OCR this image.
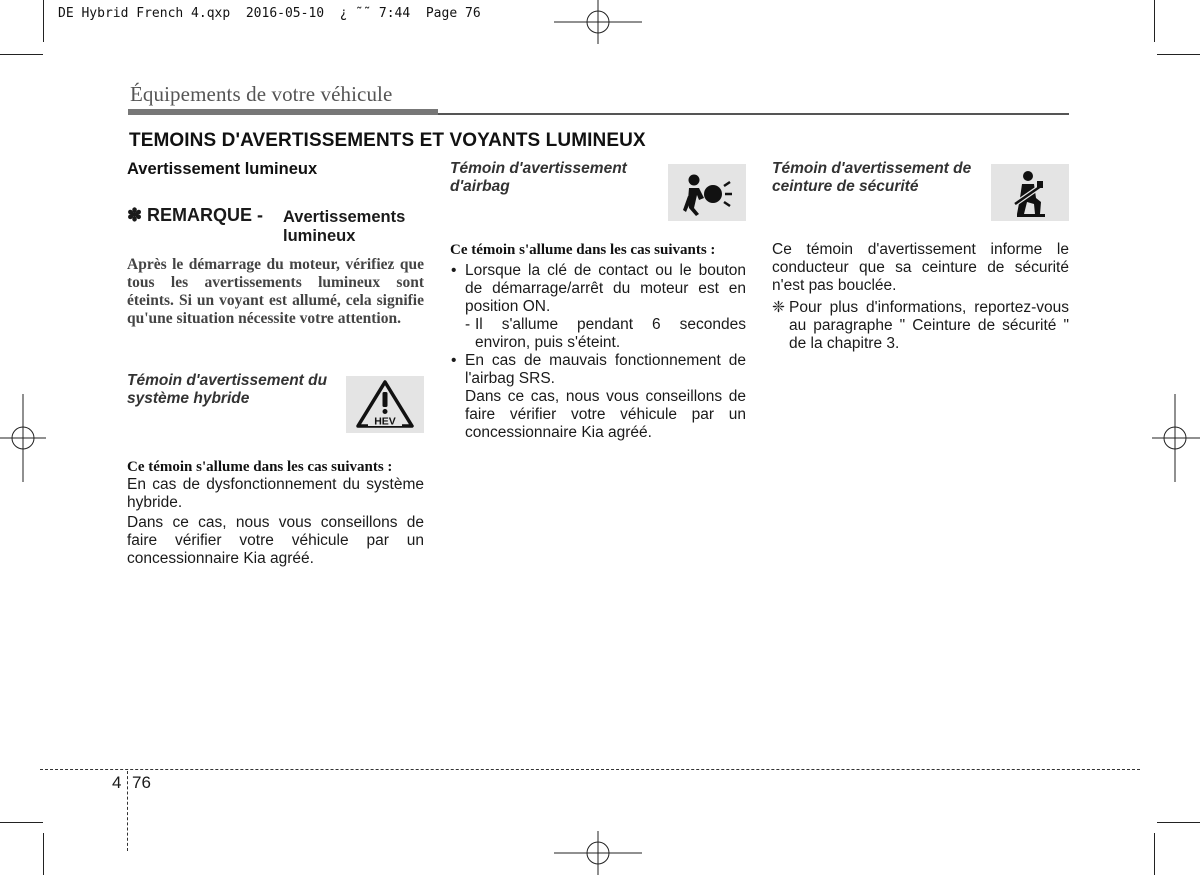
DE Hybrid French 4.qxp  2016-05-10  ¿ ˜˜ 7:44  Page 76
Équipements de votre véhicule
TEMOINS D'AVERTISSEMENTS ET VOYANTS LUMINEUX
Avertissement lumineux
✽ REMARQUE - Avertissements lumineux
Après le démarrage du moteur, vérifiez que tous les avertissements lumineux sont éteints. Si un voyant est allumé, cela signifie qu'une situation nécessite votre attention.
Témoin d'avertissement du système hybride
HEV
Ce témoin s'allume dans les cas suivants :

En cas de dysfonctionnement du système hybride.

Dans ce cas, nous vous conseillons de faire vérifier votre véhicule par un concessionnaire Kia agréé.

Témoin d'avertissement d'airbag
Ce témoin s'allume dans les cas suivants :
• Lorsque la clé de contact ou le bouton de démarrage/arrêt du moteur est en position ON.
- Il s'allume pendant 6 secondes environ, puis s'éteint.
• En cas de mauvais fonctionnement de l'airbag SRS.
Dans ce cas, nous vous conseillons de faire vérifier votre véhicule par un concessionnaire Kia agréé.
Témoin d'avertissement de ceinture de sécurité

Ce témoin d'avertissement informe le conducteur que sa ceinture de sécurité n'est pas bouclée.

❈ Pour plus d'informations, reportez-vous au paragraphe " Ceinture de sécurité " de la chapitre 3.
4 76
